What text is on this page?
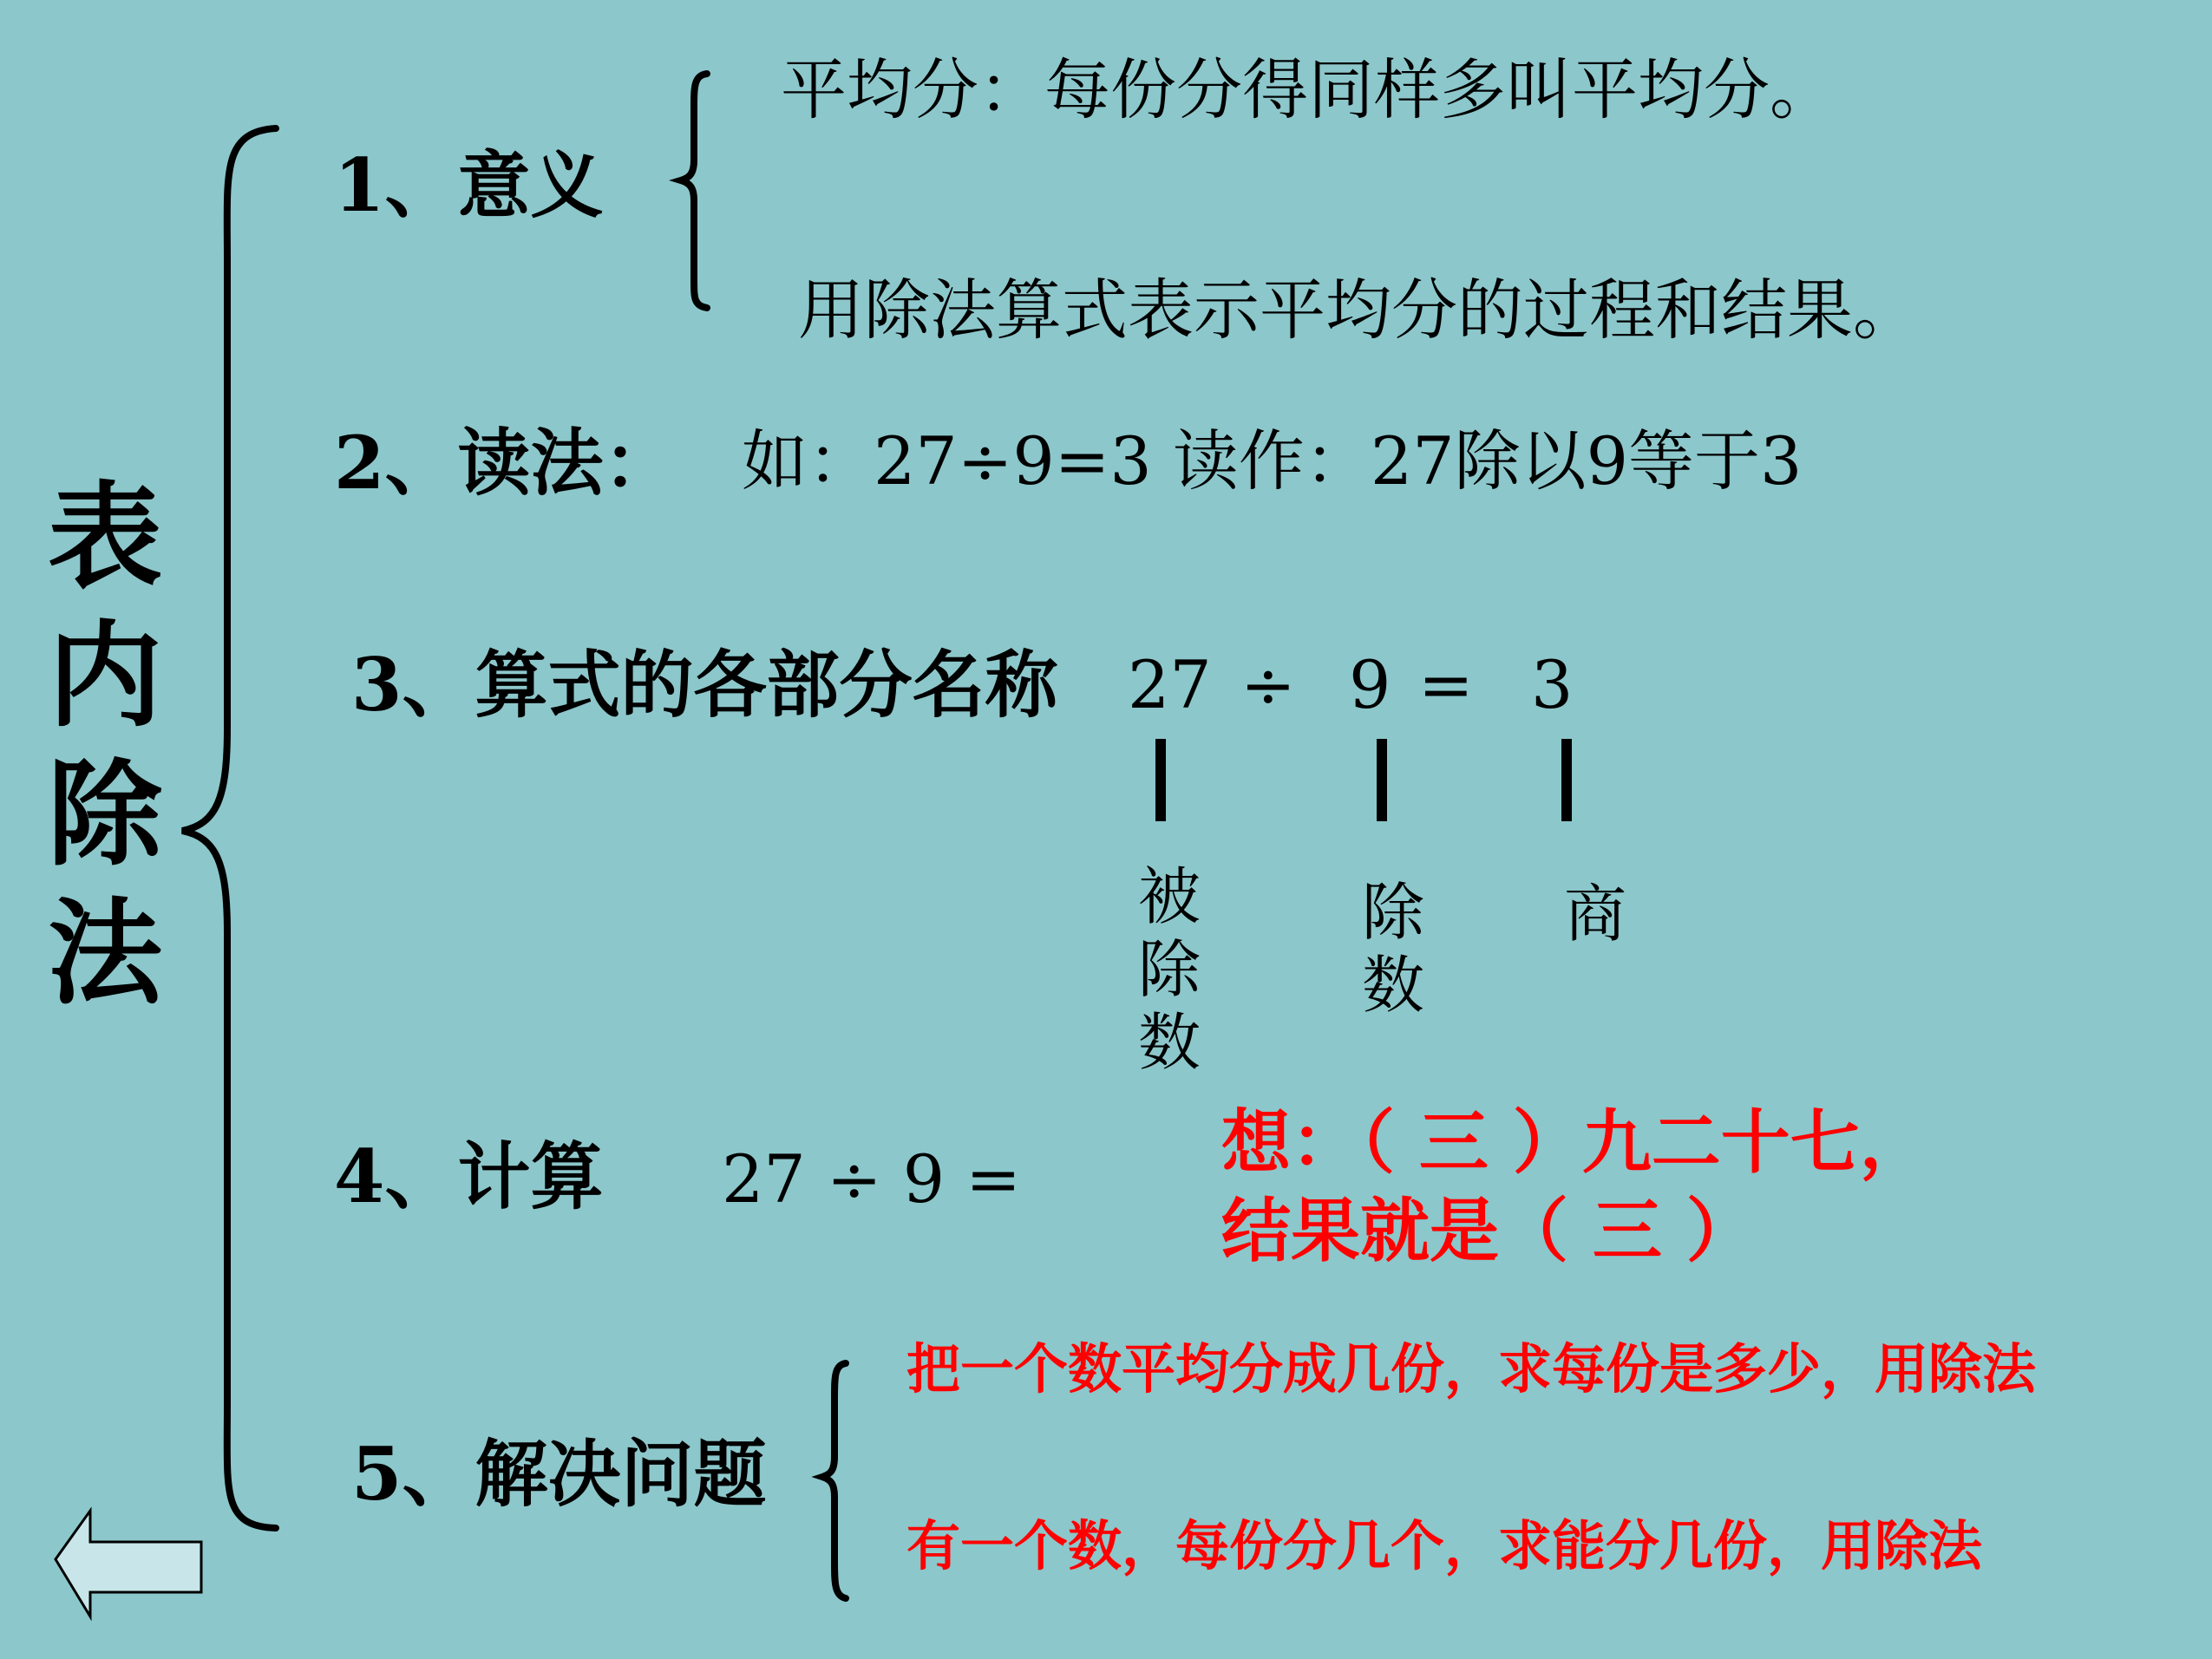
表
内
除
法
1、意义
平均分：每份分得同样多叫平均分。
用除法算式表示平均分的过程和结果。
2、读法： 如：27÷9=3 读作：27除以9等于3
3、算式的各部分名称 27 ÷ 9 = 3
被
除
数
除
数
商
4、计算 27 ÷ 9 =	想：（ 三 ）九二十七，
结果就是（ 三 ）
5、解决问题
把一个数平均分成几份，求每份是多少，用除法
有一个数，每份分几个，求能分几份，用除法
